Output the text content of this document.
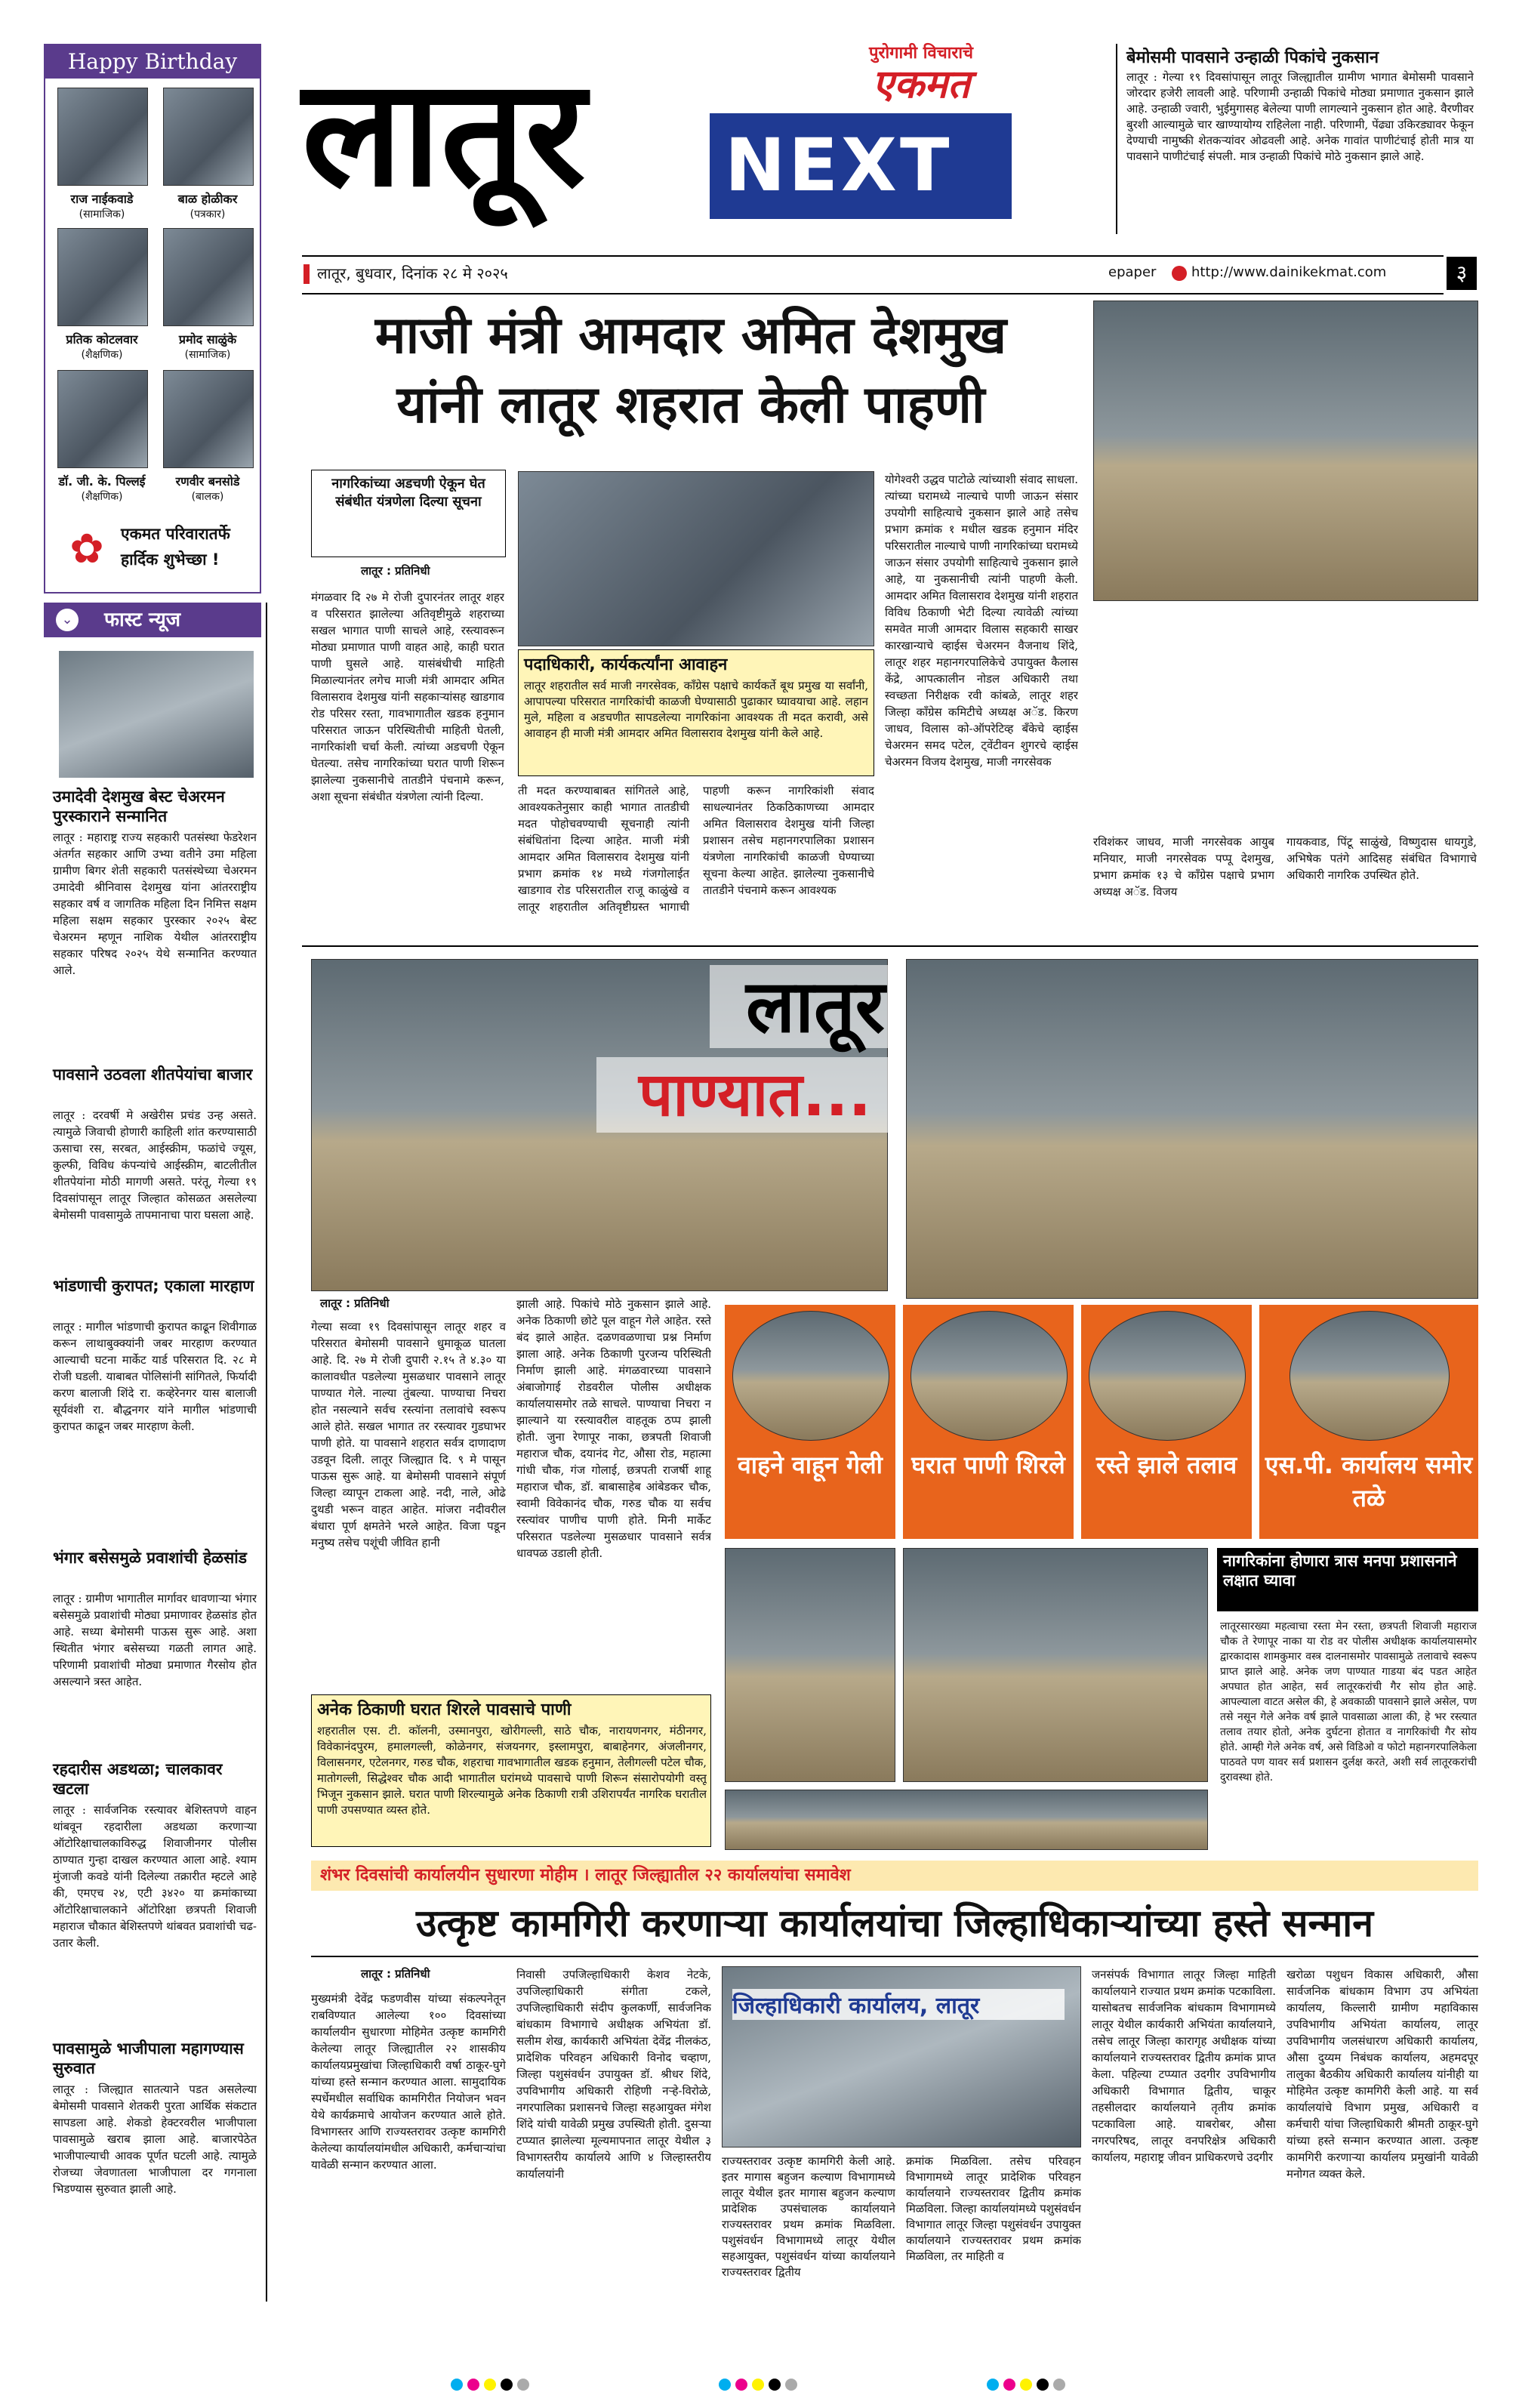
Happy Birthday
राज नाईकवाडे
(सामाजिक)
बाळ होळीकर
(पत्रकार)
प्रतिक कोटलवार
(शैक्षणिक)
प्रमोद साळुंके
(सामाजिक)
डॉ. जी. के. पिल्लई
(शैक्षणिक)
रणवीर बनसोडे
(बालक)
✿	एकमत परिवारातर्फे हार्दिक शुभेच्छा !
⌄ फास्ट न्यूज
उमादेवी देशमुख बेस्ट चेअरमन पुरस्काराने सन्मानित
लातूर : महाराष्ट्र राज्य सहकारी पतसंस्था फेडरेशन अंतर्गत सहकार आणि उभ्या वतीने उमा महिला ग्रामीण बिगर शेती सहकारी पतसंस्थेच्या चेअरमन उमादेवी श्रीनिवास देशमुख यांना आंतरराष्ट्रीय सहकार वर्ष व जागतिक महिला दिन निमित्त सक्षम महिला सक्षम सहकार पुरस्कार २०२५ बेस्ट चेअरमन म्हणून नाशिक येथील आंतरराष्ट्रीय सहकार परिषद २०२५ येथे सन्मानित करण्यात आले.
पावसाने उठवला शीतपेयांचा बाजार
लातूर : दरवर्षी मे अखेरीस प्रचंड उन्ह असते. त्यामुळे जिवाची होणारी काहिली शांत करण्यासाठी ऊसाचा रस, सरबत, आईस्क्रीम, फळांचे ज्यूस, कुल्फी, विविध कंपन्यांचे आईस्क्रीम, बाटलीतील शीतपेयांना मोठी मागणी असते. परंतू, गेल्या १९ दिवसांपासून लातूर जिल्हात कोसळत असलेल्या बेमोसमी पावसामुळे तापमानाचा पारा घसला आहे.
भांडणाची कुरापत; एकाला मारहाण
लातूर : मागील भांडणाची कुरापत काढून शिवीगाळ करून लाथाबुक्क्यांनी जबर मारहाण करण्यात आल्याची घटना मार्केट यार्ड परिसरात दि. २८ मे रोजी घडली. याबाबत पोलिसांनी सांगितले, फिर्यादी करण बालाजी शिंदे रा. कव्हेरेनगर यास बालाजी सूर्यवंशी रा. बौद्धनगर यांने मागील भांडणाची कुरापत काढून जबर मारहाण केली.
भंगार बसेसमुळे प्रवाशांची हेळसांड
लातूर : ग्रामीण भागातील मार्गावर धावणाऱ्या भंगार बसेसमुळे प्रवाशांची मोठ्या प्रमाणावर हेळसांड होत आहे. सध्या बेमोसमी पाऊस सुरू आहे. अशा स्थितीत भंगार बसेसच्या गळती लागत आहे. परिणामी प्रवाशांची मोठ्या प्रमाणात गैरसोय होत असल्याने त्रस्त आहेत.
रहदारीस अडथळा; चालकावर खटला
लातूर : सार्वजनिक रस्त्यावर बेशिस्तपणे वाहन थांबवून रहदारीला अडथळा करणाऱ्या ऑटोरिक्षाचालकाविरुद्ध शिवाजीनगर पोलीस ठाण्यात गुन्हा दाखल करण्यात आला आहे. श्याम मुंजाजी कवडे यांनी दिलेल्या तक्रारीत म्हटले आहे की, एमएच २४, एटी ३४२० या क्रमांकाच्या ऑटोरिक्षाचालकाने ऑटोरिक्षा छत्रपती शिवाजी महाराज चौकात बेशिस्तपणे थांबवत प्रवाशांची चढ-उतार केली.
पावसामुळे भाजीपाला महागण्यास सुरुवात
लातूर : जिल्ह्यात सातत्याने पडत असलेल्या बेमोसमी पावसाने शेतकरी पुरता आर्थिक संकटात सापडला आहे. शेकडो हेक्टरवरील भाजीपाला पावसामुळे खराब झाला आहे. बाजारपेठेत भाजीपाल्याची आवक पूर्णत घटली आहे. त्यामुळे रोजच्या जेवणातला भाजीपाला दर गगनाला भिडण्यास सुरुवात झाली आहे.
लातूर	पुरोगामी विचाराचे
एकमत
NEXT
बेमोसमी पावसाने उन्हाळी पिकांचे नुकसान
लातूर : गेल्या १९ दिवसांपासून लातूर जिल्ह्यातील ग्रामीण भागात बेमोसमी पावसाने जोरदार हजेरी लावली आहे. परिणामी उन्हाळी पिकांचे मोठ्या प्रमाणात नुकसान झाले आहे. उन्हाळी ज्वारी, भुईमुगासह बेलेल्या पाणी लागल्याने नुकसान होत आहे. वैरणीवर बुरशी आल्यामुळे चार खाण्यायोग्य राहिलेला नाही. परिणामी, पेंढ्या उकिरड्यावर फेकून देण्याची नामुष्की शेतकऱ्यांवर ओढवली आहे. अनेक गावांत पाणीटंचाई होती मात्र या पावसाने पाणीटंचाई संपली. मात्र उन्हाळी पिकांचे मोठे नुकसान झाले आहे.
लातूर, बुधवार, दिनांक २८ मे २०२५	epaper	http://www.dainikekmat.com	३
माजी मंत्री आमदार अमित देशमुख
यांनी लातूर शहरात केली पाहणी
नागरिकांच्या अडचणी ऐकून घेत संबंधीत यंत्रणेला दिल्या सूचना
लातूर : प्रतिनिधी
मंगळवार दि २७ मे रोजी दुपारनंतर लातूर शहर व परिसरात झालेल्या अतिवृष्टीमुळे शहराच्या सखल भागात पाणी साचले आहे, रस्त्यावरून मोठ्या प्रमाणात पाणी वाहत आहे, काही घरात पाणी घुसले आहे. यासंबंधीची माहिती मिळाल्यानंतर लगेच माजी मंत्री आमदार अमित विलासराव देशमुख यांनी सहकाऱ्यांसह खाडगाव रोड परिसर रस्ता, गावभागातील खडक हनुमान परिसरात जाऊन परिस्थितीची माहिती घेतली, नागरिकांशी चर्चा केली. त्यांच्या अडचणी ऐकून घेतल्या. तसेच नागरिकांच्या घरात पाणी शिरून झालेल्या नुकसानीचे तातडीने पंचनामे करून, अशा सूचना संबंधीत यंत्रणेला त्यांनी दिल्या.
पदाधिकारी, कार्यकर्त्यांना आवाहन
लातूर शहरातील सर्व माजी नगरसेवक, काँग्रेस पक्षाचे कार्यकर्ते बूथ प्रमुख या सर्वांनी, आपापल्या परिसरात नागरिकांची काळजी घेण्यासाठी पुढाकार घ्यावयाचा आहे. लहान मुले, महिला व अडचणीत सापडलेल्या नागरिकांना आवश्यक ती मदत करावी, असे आवाहन ही माजी मंत्री आमदार अमित विलासराव देशमुख यांनी केले आहे.
ती मदत करण्याबाबत सांगितले आहे, आवश्यकतेनुसार काही भागात तातडीची मदत पोहोचवण्याची सूचनाही त्यांनी संबंधितांना दिल्या आहेत. माजी मंत्री आमदार अमित विलासराव देशमुख यांनी प्रभाग क्रमांक १४ मध्ये गंजगोलाईत खाडगाव रोड परिसरातील राजू काळुंखे व लातूर शहरातील अतिवृष्टीग्रस्त भागाची पाहणी करून नागरिकांशी संवाद साधल्यानंतर ठिकठिकाणच्या आमदार अमित विलासराव देशमुख यांनी जिल्हा प्रशासन तसेच महानगरपालिका प्रशासन यंत्रणेला नागरिकांची काळजी घेण्याच्या सूचना केल्या आहेत. झालेल्या नुकसानीचे तातडीने पंचनामे करून आवश्यक
योगेश्वरी उद्धव पाटोळे त्यांच्याशी संवाद साधला. त्यांच्या घरामध्ये नाल्याचे पाणी जाऊन संसार उपयोगी साहित्याचे नुकसान झाले आहे तसेच प्रभाग क्रमांक १ मधील खडक हनुमान मंदिर परिसरातील नाल्याचे पाणी नागरिकांच्या घरामध्ये जाऊन संसार उपयोगी साहित्याचे नुकसान झाले आहे, या नुकसानीची त्यांनी पाहणी केली. आमदार अमित विलासराव देशमुख यांनी शहरात विविध ठिकाणी भेटी दिल्या त्यावेळी त्यांच्या समवेत माजी आमदार विलास सहकारी साखर कारखान्याचे व्हाईस चेअरमन वैजनाथ शिंदे, लातूर शहर महानगरपालिकेचे उपायुक्त कैलास केंद्रे, आपत्कालीन नोडल अधिकारी तथा स्वच्छता निरीक्षक रवी कांबळे, लातूर शहर जिल्हा काँग्रेस कमिटीचे अध्यक्ष अॅड. किरण जाधव, विलास को-ऑपरेटिव्ह बँकेचे व्हाईस चेअरमन समद पटेल, ट्वेंटीवन शुगरचे व्हाईस चेअरमन विजय देशमुख, माजी नगरसेवक
रविशंकर जाधव, माजी नगरसेवक आयुब मनियार, माजी नगरसेवक पप्पू देशमुख, प्रभाग क्रमांक १३ चे काँग्रेस पक्षाचे प्रभाग अध्यक्ष अॅड. विजय
गायकवाड, पिंटू साळुंखे, विष्णुदास धायगुडे, अभिषेक पतंगे आदिसह संबंधित विभागाचे अधिकारी नागरिक उपस्थित होते.
लातूर
पाण्यात...
लातूर : प्रतिनिधी
गेल्या सव्वा १९ दिवसांपासून लातूर शहर व परिसरात बेमोसमी पावसाने धुमाकूळ घातला आहे. दि. २७ मे रोजी दुपारी २.१५ ते ४.३० या कालावधीत पडलेल्या मुसळधार पावसाने लातूर पाण्यात गेले. नाल्या तुंबल्या. पाण्याचा निचरा होत नसल्याने सर्वच रस्त्यांना तलावांचे स्वरूप आले होते. सखल भागात तर रस्त्यावर गुडघाभर पाणी होते. या पावसाने शहरात सर्वत्र दाणादाण उडवून दिली. लातूर जिल्ह्यात दि. ९ मे पासून पाऊस सुरू आहे. या बेमोसमी पावसाने संपूर्ण जिल्हा व्यापून टाकला आहे. नदी, नाले, ओढे दुथडी भरून वाहत आहेत. मांजरा नदीवरील बंधारा पूर्ण क्षमतेने भरले आहेत. विजा पडून मनुष्य तसेच पशूंची जीवित हानी
झाली आहे. पिकांचे मोठे नुकसान झाले आहे. अनेक ठिकाणी छोटे पूल वाहून गेले आहेत. रस्ते बंद झाले आहेत. दळणवळणाचा प्रश्न निर्माण झाला आहे. अनेक ठिकाणी पुरजन्य परिस्थिती निर्माण झाली आहे. मंगळवारच्या पावसाने अंबाजोगाई रोडवरील पोलीस अधीक्षक कार्यालयासमोर तळे साचले. पाण्याचा निचरा न झाल्याने या रस्त्यावरील वाहतूक ठप्प झाली होती. जुना रेणापूर नाका, छत्रपती शिवाजी महाराज चौक, दयानंद गेट, औसा रोड, महात्मा गांधी चौक, गंज गोलाई, छत्रपती राजर्षी शाहू महाराज चौक, डॉ. बाबासाहेब आंबेडकर चौक, स्वामी विवेकानंद चौक, गरुड चौक या सर्वच रस्त्यांवर पाणीच पाणी होते. मिनी मार्केट परिसरात पडलेल्या मुसळधार पावसाने सर्वत्र धावपळ उडाली होती.
वाहने वाहून गेली	घरात पाणी शिरले	रस्ते झाले तलाव	एस.पी. कार्यालय समोर तळे
नागरिकांना होणारा त्रास मनपा प्रशासनाने लक्षात घ्यावा
लातूरसारख्या महत्वाचा रस्ता मेन रस्ता, छत्रपती शिवाजी महाराज चौक ते रेणापूर नाका या रोड वर पोलीस अधीक्षक कार्यालयासमोर द्वारकादास शामकुमार वस्त्र दालनासमोर पावसामुळे तलावाचे स्वरूप प्राप्त झाले आहे. अनेक जण पाण्यात गाडया बंद पडत आहेत अपघात होत आहेत, सर्व लातूरकरांची गैर सोय होत आहे. आपल्याला वाटत असेल की, हे अवकाळी पावसाने झाले असेल, पण तसे नसून गेले अनेक वर्ष झाले पावसाळा आला की, हे भर रस्त्यात तलाव तयार होतो, अनेक दुर्घटना होतात व नागरिकांची गैर सोय होते. आम्ही गेले अनेक वर्ष, असे विडिओ व फोटो महानगरपालिकेला पाठवते पण यावर सर्व प्रशासन दुर्लक्ष करते, अशी सर्व लातूरकरांची दुरावस्था होते.
अनेक ठिकाणी घरात शिरले पावसाचे पाणी
शहरातील एस. टी. कॉलनी, उस्मानपुरा, खोरीगल्ली, साठे चौक, नारायणनगर, मंठीनगर, विवेकानंदपुरम, हमालगल्ली, कोळेनगर, संजयनगर, इस्लामपुरा, बाबाहेनगर, अंजलीनगर, विलासनगर, एटेलनगर, गरुड चौक, शहराचा गावभागातील खडक हनुमान, तेलीगल्ली पटेल चौक, मातोगल्ली, सिद्धेश्वर चौक आदी भागातील घरांमध्ये पावसाचे पाणी शिरून संसारोपयोगी वस्तू भिजून नुकसान झाले. घरात पाणी शिरल्यामुळे अनेक ठिकाणी रात्री उशिरापर्यंत नागरिक घरातील पाणी उपसण्यात व्यस्त होते.
शंभर दिवसांची कार्यालयीन सुधारणा मोहीम । लातूर जिल्ह्यातील २२ कार्यालयांचा समावेश
उत्कृष्ट कामगिरी करणाऱ्या कार्यालयांचा जिल्हाधिकाऱ्यांच्या हस्ते सन्मान
लातूर : प्रतिनिधी
मुख्यमंत्री देवेंद्र फडणवीस यांच्या संकल्पनेतून राबविण्यात आलेल्या १०० दिवसांच्या कार्यालयीन सुधारणा मोहिमेत उत्कृष्ट कामगिरी केलेल्या लातूर जिल्ह्यातील २२ शासकीय कार्यालयप्रमुखांचा जिल्हाधिकारी वर्षा ठाकूर-घुगे यांच्या हस्ते सन्मान करण्यात आला. सामुदायिक स्पर्धेमधील सर्वाधिक कामगिरीत नियोजन भवन येथे कार्यक्रमाचे आयोजन करण्यात आले होते. विभागस्तर आणि राज्यस्तरावर उत्कृष्ट कामगिरी केलेल्या कार्यालयांमधील अधिकारी, कर्मचाऱ्यांचा यावेळी सन्मान करण्यात आला.
निवासी उपजिल्हाधिकारी केशव नेटके, उपजिल्हाधिकारी संगीता टकले, उपजिल्हाधिकारी संदीप कुलकर्णी, सार्वजनिक बांधकाम विभागाचे अधीक्षक अभियंता डॉ. सलीम शेख, कार्यकारी अभियंता देवेंद्र नीलकंठ, प्रादेशिक परिवहन अधिकारी विनोद चव्हाण, जिल्हा पशुसंवर्धन उपायुक्त डॉ. श्रीधर शिंदे, उपविभागीय अधिकारी रोहिणी नऱ्हे-विरोळे, नगरपालिका प्रशासनचे जिल्हा सहआयुक्त मंगेश शिंदे यांची यावेळी प्रमुख उपस्थिती होती. दुसऱ्या टप्प्यात झालेल्या मूल्यमापनात लातूर येथील ३ विभागस्तरीय कार्यालये आणि ४ जिल्हास्तरीय कार्यालयांनी
जिल्हाधिकारी कार्यालय, लातूर
राज्यस्तरावर उत्कृष्ट कामगिरी केली आहे. इतर मागास बहुजन कल्याण विभागामध्ये लातूर येथील इतर मागास बहुजन कल्याण प्रादेशिक उपसंचालक कार्यालयाने राज्यस्तरावर प्रथम क्रमांक मिळविला. पशुसंवर्धन विभागामध्ये लातूर येथील सहआयुक्त, पशुसंवर्धन यांच्या कार्यालयाने राज्यस्तरावर द्वितीय
क्रमांक मिळविला. तसेच परिवहन विभागामध्ये लातूर प्रादेशिक परिवहन कार्यालयाने राज्यस्तरावर द्वितीय क्रमांक मिळविला. जिल्हा कार्यालयांमध्ये पशुसंवर्धन विभागात लातूर जिल्हा पशुसंवर्धन उपायुक्त कार्यालयाने राज्यस्तरावर प्रथम क्रमांक मिळविला, तर माहिती व
जनसंपर्क विभागात लातूर जिल्हा माहिती कार्यालयाने राज्यात प्रथम क्रमांक पटकाविला. यासोबतच सार्वजनिक बांधकाम विभागामध्ये लातूर येथील कार्यकारी अभियंता कार्यालयाने, तसेच लातूर जिल्हा कारागृह अधीक्षक यांच्या कार्यालयाने राज्यस्तरावर द्वितीय क्रमांक प्राप्त केला. पहिल्या टप्प्यात उदगीर उपविभागीय अधिकारी विभागात द्वितीय, चाकूर तहसीलदार कार्यालयाने तृतीय क्रमांक पटकाविला आहे. याबरोबर, औसा नगरपरिषद, लातूर वनपरिक्षेत्र अधिकारी कार्यालय, महाराष्ट्र जीवन प्राधिकरणचे उदगीर
खरोळा पशुधन विकास अधिकारी, औसा सार्वजनिक बांधकाम विभाग उप अभियंता कार्यालय, किल्लारी ग्रामीण महाविकास उपविभागीय अभियंता कार्यालय, लातूर उपविभागीय जलसंधारण अधिकारी कार्यालय, औसा दुय्यम निबंधक कार्यालय, अहमदपूर तालुका बैठकीय अधिकारी कार्यालय यांनीही या मोहिमेत उत्कृष्ट कामगिरी केली आहे. या सर्व कार्यालयांचे विभाग प्रमुख, अधिकारी व कर्मचारी यांचा जिल्हाधिकारी श्रीमती ठाकूर-घुगे यांच्या हस्ते सन्मान करण्यात आला. उत्कृष्ट कामगिरी करणाऱ्या कार्यालय प्रमुखांनी यावेळी मनोगत व्यक्त केले.
